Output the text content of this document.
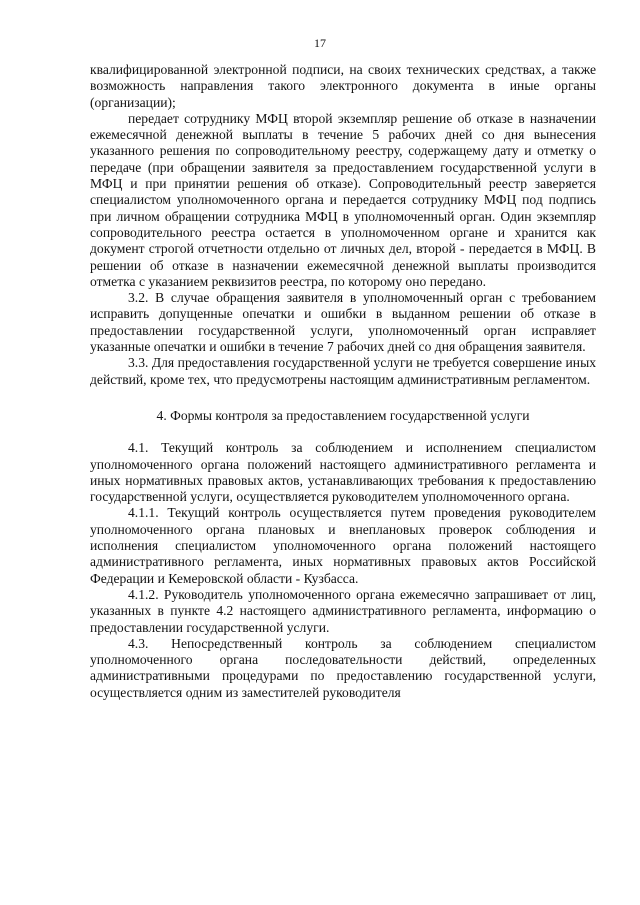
17

квалифицированной электронной подписи, на своих технических средствах, а также возможность направления такого электронного документа в иные органы (организации);

передает сотруднику МФЦ второй экземпляр решение об отказе в назначении ежемесячной денежной выплаты в течение 5 рабочих дней со дня вынесения указанного решения по сопроводительному реестру, содержащему дату и отметку о передаче (при обращении заявителя за предоставлением государственной услуги в МФЦ и при принятии решения об отказе). Сопроводительный реестр заверяется специалистом уполномоченного органа и передается сотруднику МФЦ под подпись при личном обращении сотрудника МФЦ в уполномоченный орган. Один экземпляр сопроводительного реестра остается в уполномоченном органе и хранится как документ строгой отчетности отдельно от личных дел, второй - передается в МФЦ. В решении об отказе в назначении ежемесячной денежной выплаты производится отметка с указанием реквизитов реестра, по которому оно передано.

3.2. В случае обращения заявителя в уполномоченный орган с требованием исправить допущенные опечатки и ошибки в выданном решении об отказе в предоставлении государственной услуги, уполномоченный орган исправляет указанные опечатки и ошибки в течение 7 рабочих дней со дня обращения заявителя.

3.3. Для предоставления государственной услуги не требуется совершение иных действий, кроме тех, что предусмотрены настоящим административным регламентом.

4. Формы контроля за предоставлением государственной услуги

4.1. Текущий контроль за соблюдением и исполнением специалистом уполномоченного органа положений настоящего административного регламента и иных нормативных правовых актов, устанавливающих требования к предоставлению государственной услуги, осуществляется руководителем уполномоченного органа.

4.1.1. Текущий контроль осуществляется путем проведения руководителем уполномоченного органа плановых и внеплановых проверок соблюдения и исполнения специалистом уполномоченного органа положений настоящего административного регламента, иных нормативных правовых актов Российской Федерации и Кемеровской области - Кузбасса.

4.1.2. Руководитель уполномоченного органа ежемесячно запрашивает от лиц, указанных в пункте 4.2 настоящего административного регламента, информацию о предоставлении государственной услуги.

4.3. Непосредственный контроль за соблюдением специалистом уполномоченного органа последовательности действий, определенных административными процедурами по предоставлению государственной услуги, осуществляется одним из заместителей руководителя
